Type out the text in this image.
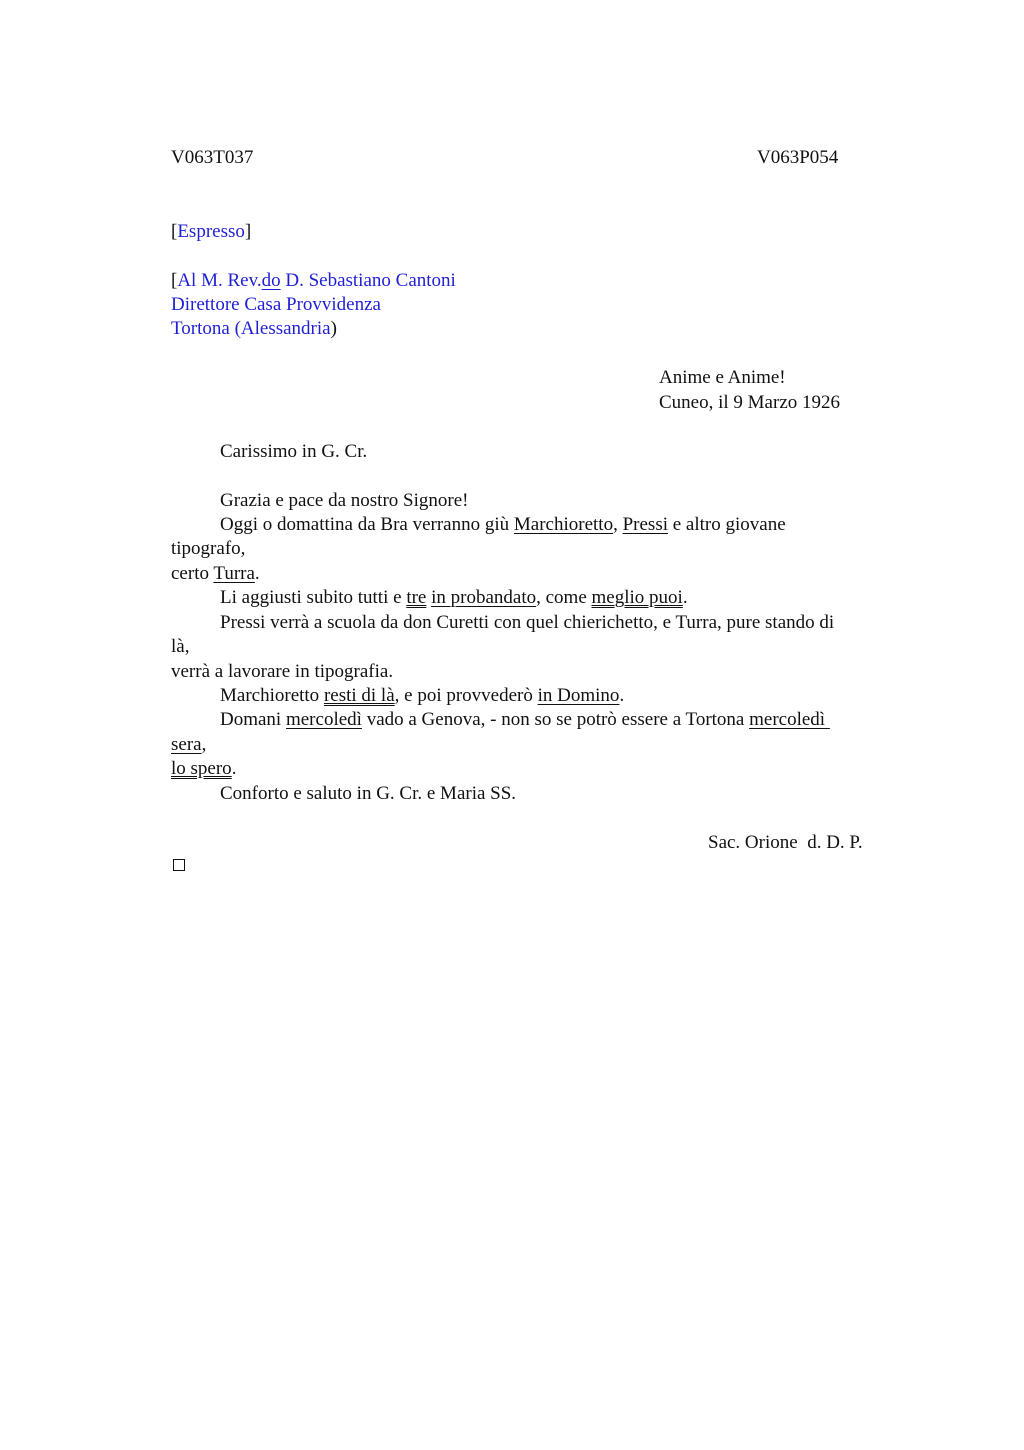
V063T037	V063P054
[Espresso]
[Al M. Rev.do D. Sebastiano Cantoni
Direttore Casa Provvidenza
Tortona (Alessandria)
Anime e Anime!
Cuneo, il 9 Marzo 1926
Carissimo in G. Cr.
Grazia e pace da nostro Signore!
Oggi o domattina da Bra verranno giù Marchioretto, Pressi e altro giovane
tipografo,
certo Turra.
Li aggiusti subito tutti e tre in probandato, come meglio puoi.
Pressi verrà a scuola da don Curetti con quel chierichetto, e Turra, pure stando di
là,
verrà a lavorare in tipografia.
Marchioretto resti di là, e poi provvederò in Domino.
Domani mercoledì vado a Genova, - non so se potrò essere a Tortona mercoledì
sera,
lo spero.
Conforto e saluto in G. Cr. e Maria SS.
Sac. Orione  d. D. P.
